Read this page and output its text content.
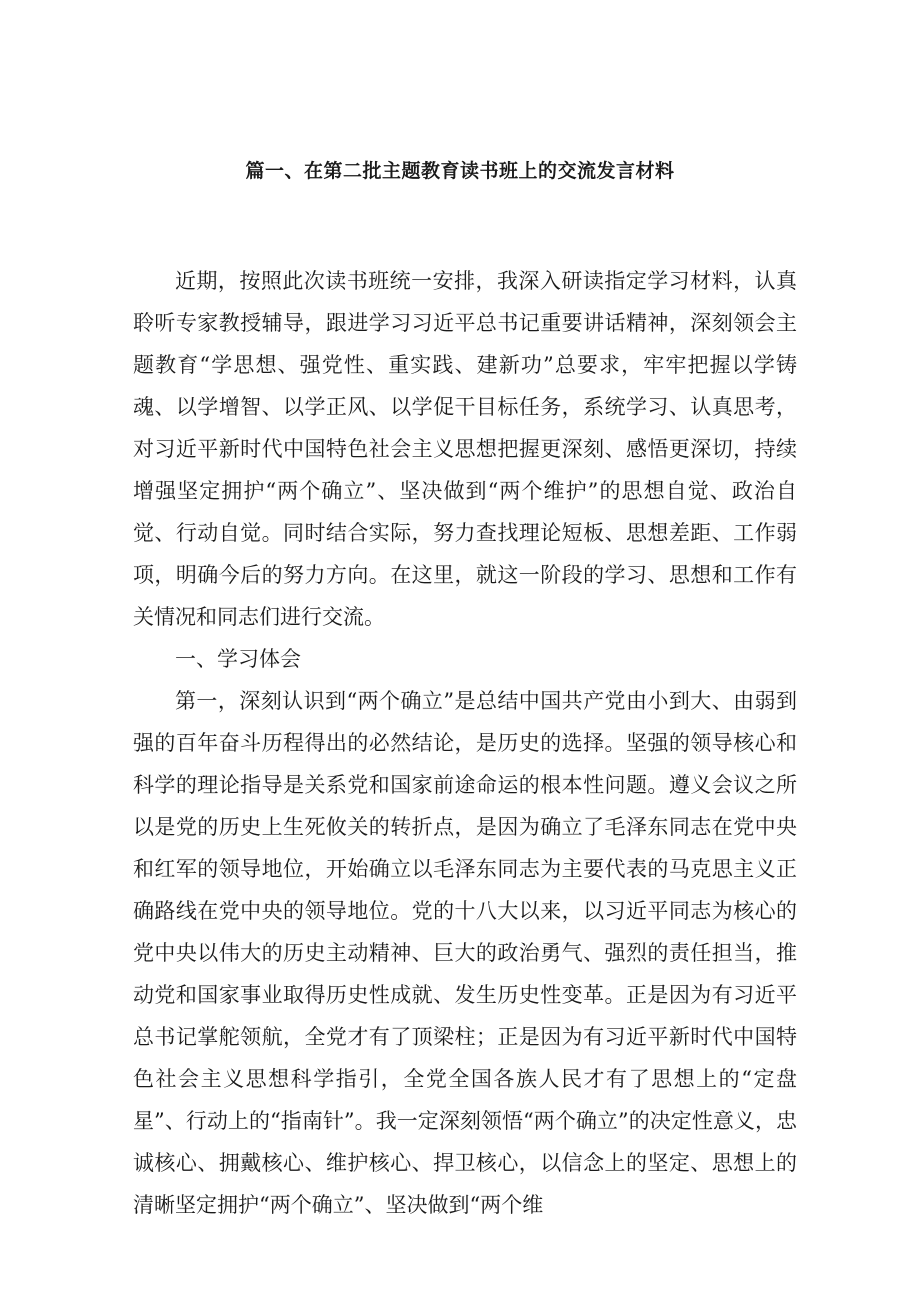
篇一、在第二批主题教育读书班上的交流发言材料

近期，按照此次读书班统一安排，我深入研读指定学习材料，认真聆听专家教授辅导，跟进学习习近平总书记重要讲话精神，深刻领会主题教育“学思想、强党性、重实践、建新功”总要求，牢牢把握以学铸魂、以学增智、以学正风、以学促干目标任务，系统学习、认真思考，对习近平新时代中国特色社会主义思想把握更深刻、感悟更深切，持续增强坚定拥护“两个确立”、坚决做到“两个维护”的思想自觉、政治自觉、行动自觉。同时结合实际，努力查找理论短板、思想差距、工作弱项，明确今后的努力方向。在这里，就这一阶段的学习、思想和工作有关情况和同志们进行交流。

一、学习体会

第一，深刻认识到“两个确立”是总结中国共产党由小到大、由弱到强的百年奋斗历程得出的必然结论，是历史的选择。坚强的领导核心和科学的理论指导是关系党和国家前途命运的根本性问题。遵义会议之所以是党的历史上生死攸关的转折点，是因为确立了毛泽东同志在党中央和红军的领导地位，开始确立以毛泽东同志为主要代表的马克思主义正确路线在党中央的领导地位。党的十八大以来，以习近平同志为核心的党中央以伟大的历史主动精神、巨大的政治勇气、强烈的责任担当，推动党和国家事业取得历史性成就、发生历史性变革。正是因为有习近平总书记掌舵领航，全党才有了顶梁柱；正是因为有习近平新时代中国特色社会主义思想科学指引，全党全国各族人民才有了思想上的“定盘星”、行动上的“指南针”。我一定深刻领悟“两个确立”的决定性意义，忠诚核心、拥戴核心、维护核心、捍卫核心，以信念上的坚定、思想上的清晰坚定拥护“两个确立”、坚决做到“两个维
